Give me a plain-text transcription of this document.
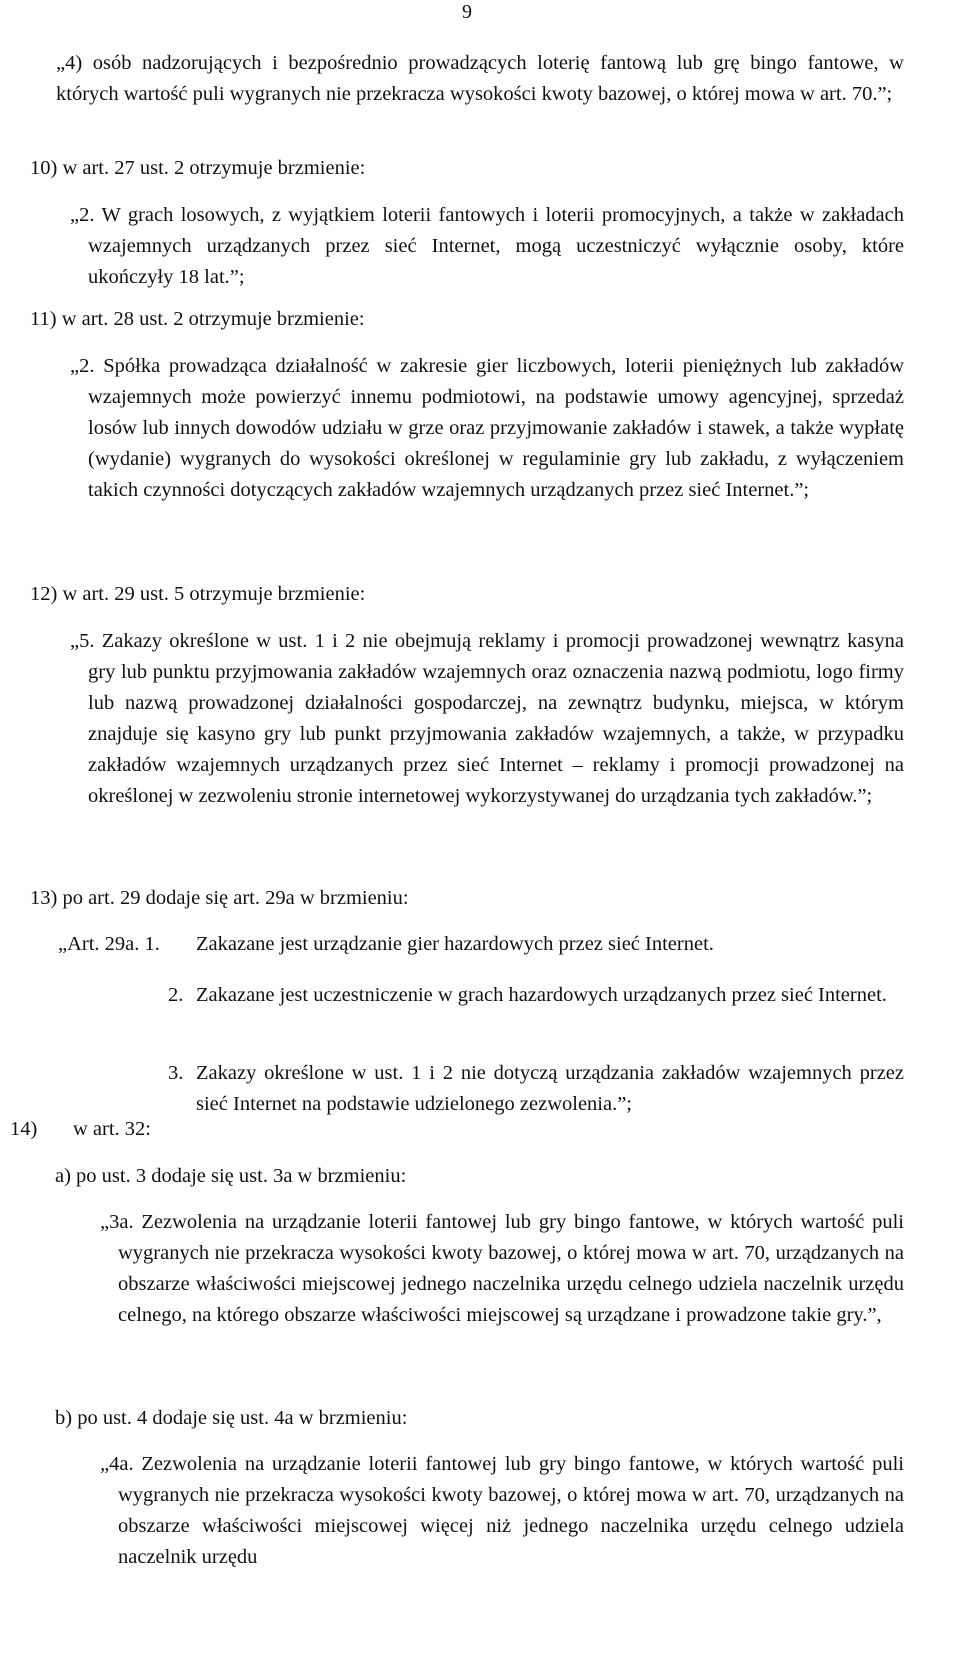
9

„4) osób nadzorujących i bezpośrednio prowadzących loterię fantową lub grę bingo fantowe, w których wartość puli wygranych nie przekracza wysokości kwoty bazowej, o której mowa w art. 70.”;

10) w art. 27 ust. 2 otrzymuje brzmienie:

„2. W grach losowych, z wyjątkiem loterii fantowych i loterii promocyjnych, a także w zakładach wzajemnych urządzanych przez sieć Internet, mogą uczestniczyć wyłącznie osoby, które ukończyły 18 lat.”;

11) w art. 28 ust. 2 otrzymuje brzmienie:

„2. Spółka prowadząca działalność w zakresie gier liczbowych, loterii pieniężnych lub zakładów wzajemnych może powierzyć innemu podmiotowi, na podstawie umowy agencyjnej, sprzedaż losów lub innych dowodów udziału w grze oraz przyjmowanie zakładów i stawek, a także wypłatę (wydanie) wygranych do wysokości określonej w regulaminie gry lub zakładu, z wyłączeniem takich czynności dotyczących zakładów wzajemnych urządzanych przez sieć Internet.”;

12) w art. 29 ust. 5 otrzymuje brzmienie:

„5. Zakazy określone w ust. 1 i 2 nie obejmują reklamy i promocji prowadzonej wewnątrz kasyna gry lub punktu przyjmowania zakładów wzajemnych oraz oznaczenia nazwą podmiotu, logo firmy lub nazwą prowadzonej działalności gospodarczej, na zewnątrz budynku, miejsca, w którym znajduje się kasyno gry lub punkt przyjmowania zakładów wzajemnych, a także, w przypadku zakładów wzajemnych urządzanych przez sieć Internet – reklamy i promocji prowadzonej na określonej w zezwoleniu stronie internetowej wykorzystywanej do urządzania tych zakładów.”;

13) po art. 29 dodaje się art. 29a w brzmieniu:

„Art. 29a. 1. Zakazane jest urządzanie gier hazardowych przez sieć Internet.

2. Zakazane jest uczestniczenie w grach hazardowych urządzanych przez sieć Internet.

3. Zakazy określone w ust. 1 i 2 nie dotyczą urządzania zakładów wzajemnych przez sieć Internet na podstawie udzielonego zezwolenia.”;

14) w art. 32:

a) po ust. 3 dodaje się ust. 3a w brzmieniu:

„3a. Zezwolenia na urządzanie loterii fantowej lub gry bingo fantowe, w których wartość puli wygranych nie przekracza wysokości kwoty bazowej, o której mowa w art. 70, urządzanych na obszarze właściwości miejscowej jednego naczelnika urzędu celnego udziela naczelnik urzędu celnego, na którego obszarze właściwości miejscowej są urządzane i prowadzone takie gry.”,

b) po ust. 4 dodaje się ust. 4a w brzmieniu:

„4a. Zezwolenia na urządzanie loterii fantowej lub gry bingo fantowe, w których wartość puli wygranych nie przekracza wysokości kwoty bazowej, o której mowa w art. 70, urządzanych na obszarze właściwości miejscowej więcej niż jednego naczelnika urzędu celnego udziela naczelnik urzędu
